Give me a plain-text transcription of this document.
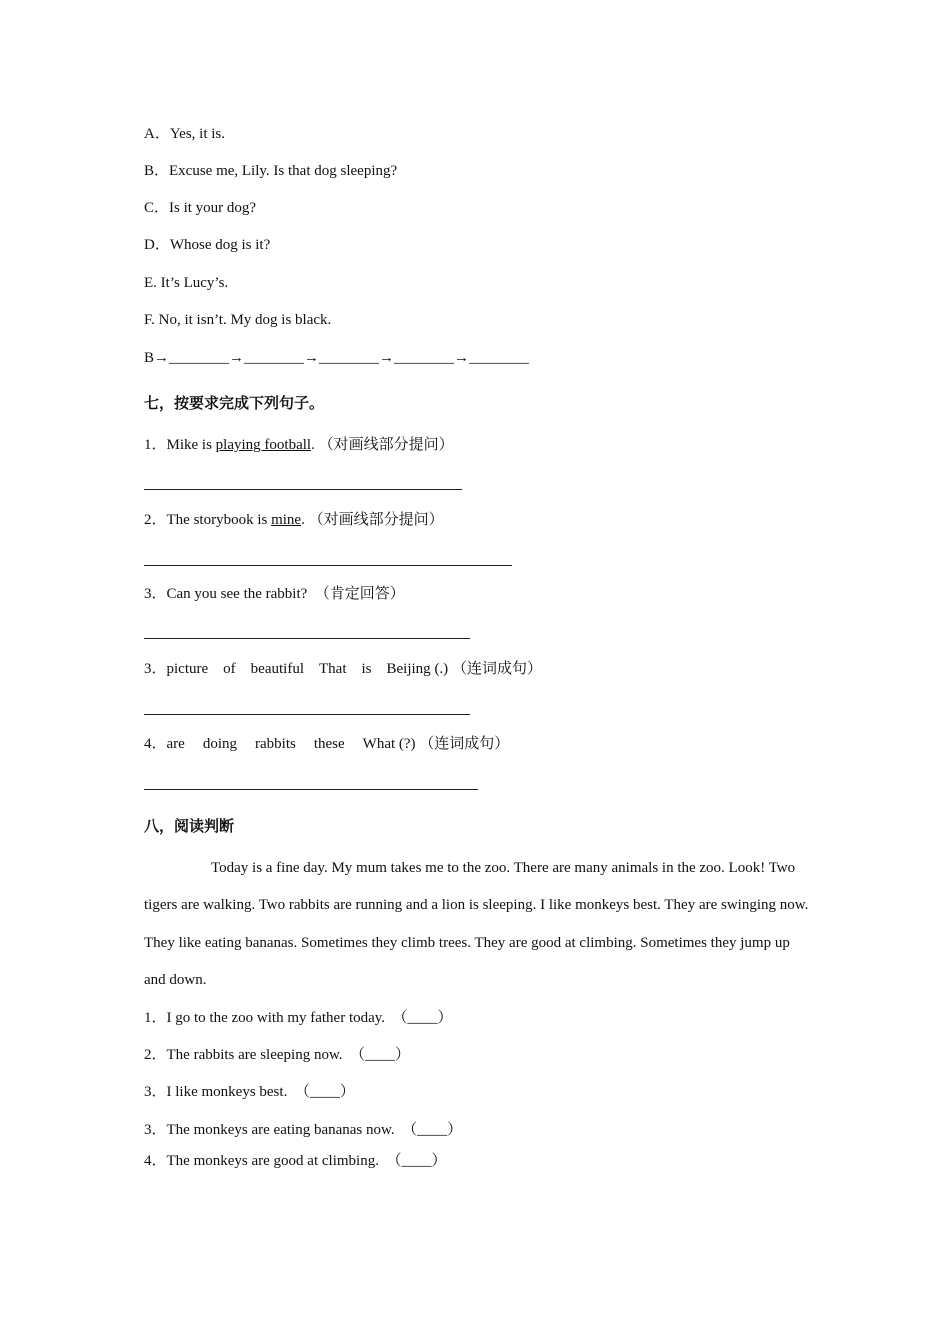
A．Yes, it is.
B．Excuse me, Lily. Is that dog sleeping?
C．Is it your dog?
D．Whose dog is it?
E. It’s Lucy’s.
F. No, it isn’t. My dog is black.
B→________→________→________→________→________
七，按要求完成下列句子。
1．Mike is playing football. （对画线部分提问）
2．The storybook is mine. （对画线部分提问）
3．Can you see the rabbit? （肯定回答）
3．picture of beautiful That is Beijing (.) （连词成句）
4．are doing rabbits these What (?) （连词成句）
八，阅读判断
Today is a fine day. My mum takes me to the zoo. There are many animals in the zoo. Look! Two tigers are walking. Two rabbits are running and a lion is sleeping. I like monkeys best. They are swinging now. They like eating bananas. Sometimes they climb trees. They are good at climbing. Sometimes they jump up and down.
1．I go to the zoo with my father today.　（____）
2．The rabbits are sleeping now.　（____）
3．I like monkeys best.　（____）
3．The monkeys are eating bananas now.　（____）
4．The monkeys are good at climbing.　（____）
